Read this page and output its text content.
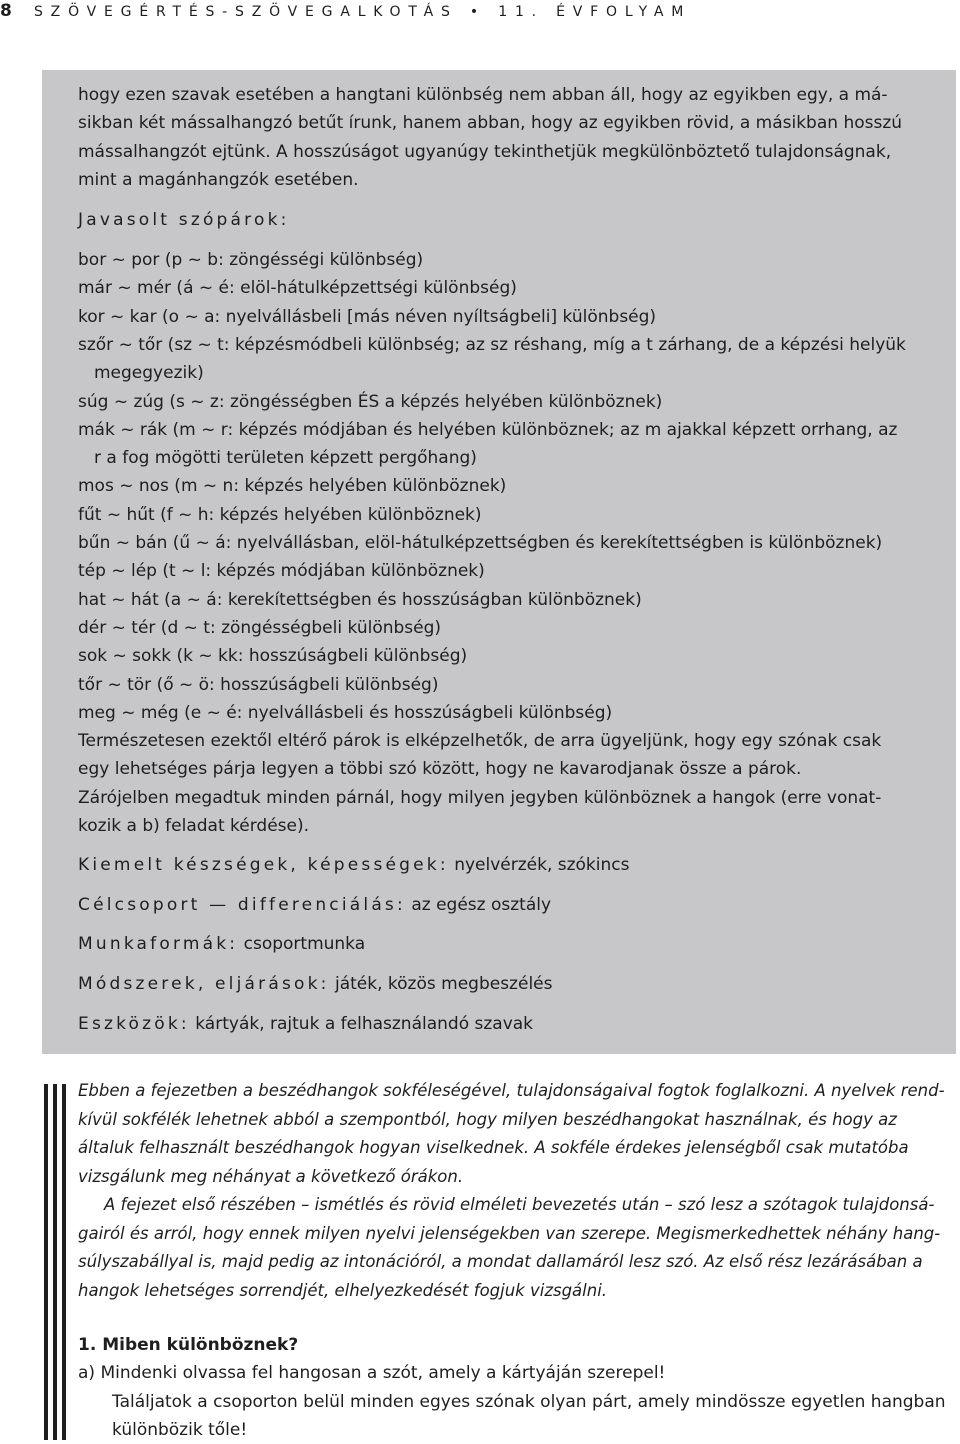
8 SZÖVEGÉRTÉS-SZÖVEGALKOTÁS • 11. ÉVFOLYAM
hogy ezen szavak esetében a hangtani különbség nem abban áll, hogy az egyikben egy, a má-
sikban két mássalhangzó betűt írunk, hanem abban, hogy az egyikben rövid, a másikban hosszú
mássalhangzót ejtünk. A hosszúságot ugyanúgy tekinthetjük megkülönböztető tulajdonságnak,
mint a magánhangzók esetében.
Javasolt szópárok:
bor ~ por (p ~ b: zöngésségi különbség)
már ~ mér (á ~ é: elöl-hátulképzettségi különbség)
kor ~ kar (o ~ a: nyelvállásbeli [más néven nyíltságbeli] különbség)
szőr ~ tőr (sz ~ t: képzésmódbeli különbség; az sz réshang, míg a t zárhang, de a képzési helyük
megegyezik)
súg ~ zúg (s ~ z: zöngésségben ÉS a képzés helyében különböznek)
mák ~ rák (m ~ r: képzés módjában és helyében különböznek; az m ajakkal képzett orrhang, az
r a fog mögötti területen képzett pergőhang)
mos ~ nos (m ~ n: képzés helyében különböznek)
fűt ~ hűt (f ~ h: képzés helyében különböznek)
bűn ~ bán (ű ~ á: nyelvállásban, elöl-hátulképzettségben és kerekítettségben is különböznek)
tép ~ lép (t ~ l: képzés módjában különböznek)
hat ~ hát (a ~ á: kerekítettségben és hosszúságban különböznek)
dér ~ tér (d ~ t: zöngésségbeli különbség)
sok ~ sokk (k ~ kk: hosszúságbeli különbség)
tőr ~ tör (ő ~ ö: hosszúságbeli különbség)
meg ~ még (e ~ é: nyelvállásbeli és hosszúságbeli különbség)
Természetesen ezektől eltérő párok is elképzelhetők, de arra ügyeljünk, hogy egy szónak csak
egy lehetséges párja legyen a többi szó között, hogy ne kavarodjanak össze a párok.
Zárójelben megadtuk minden párnál, hogy milyen jegyben különböznek a hangok (erre vonat-
kozik a b) feladat kérdése).
Kiemelt készségek, képességek: nyelvérzék, szókincs
Célcsoport — differenciálás: az egész osztály
Munkaformák: csoportmunka
Módszerek, eljárások: játék, közös megbeszélés
Eszközök: kártyák, rajtuk a felhasználandó szavak
Ebben a fejezetben a beszédhangok sokféleségével, tulajdonságaival fogtok foglalkozni. A nyelvek rend-
kívül sokfélék lehetnek abból a szempontból, hogy milyen beszédhangokat használnak, és hogy az
általuk felhasznált beszédhangok hogyan viselkednek. A sokféle érdekes jelenségből csak mutatóba
vizsgálunk meg néhányat a következő órákon.
A fejezet első részében – ismétlés és rövid elméleti bevezetés után – szó lesz a szótagok tulajdonsá-
gairól és arról, hogy ennek milyen nyelvi jelenségekben van szerepe. Megismerkedhettek néhány hang-
súlyszabállyal is, majd pedig az intonációról, a mondat dallamáról lesz szó. Az első rész lezárásában a
hangok lehetséges sorrendjét, elhelyezkedését fogjuk vizsgálni.
1. Miben különböznek?
a) Mindenki olvassa fel hangosan a szót, amely a kártyáján szerepel!
Találjatok a csoporton belül minden egyes szónak olyan párt, amely mindössze egyetlen hangban
különbözik tőle!
